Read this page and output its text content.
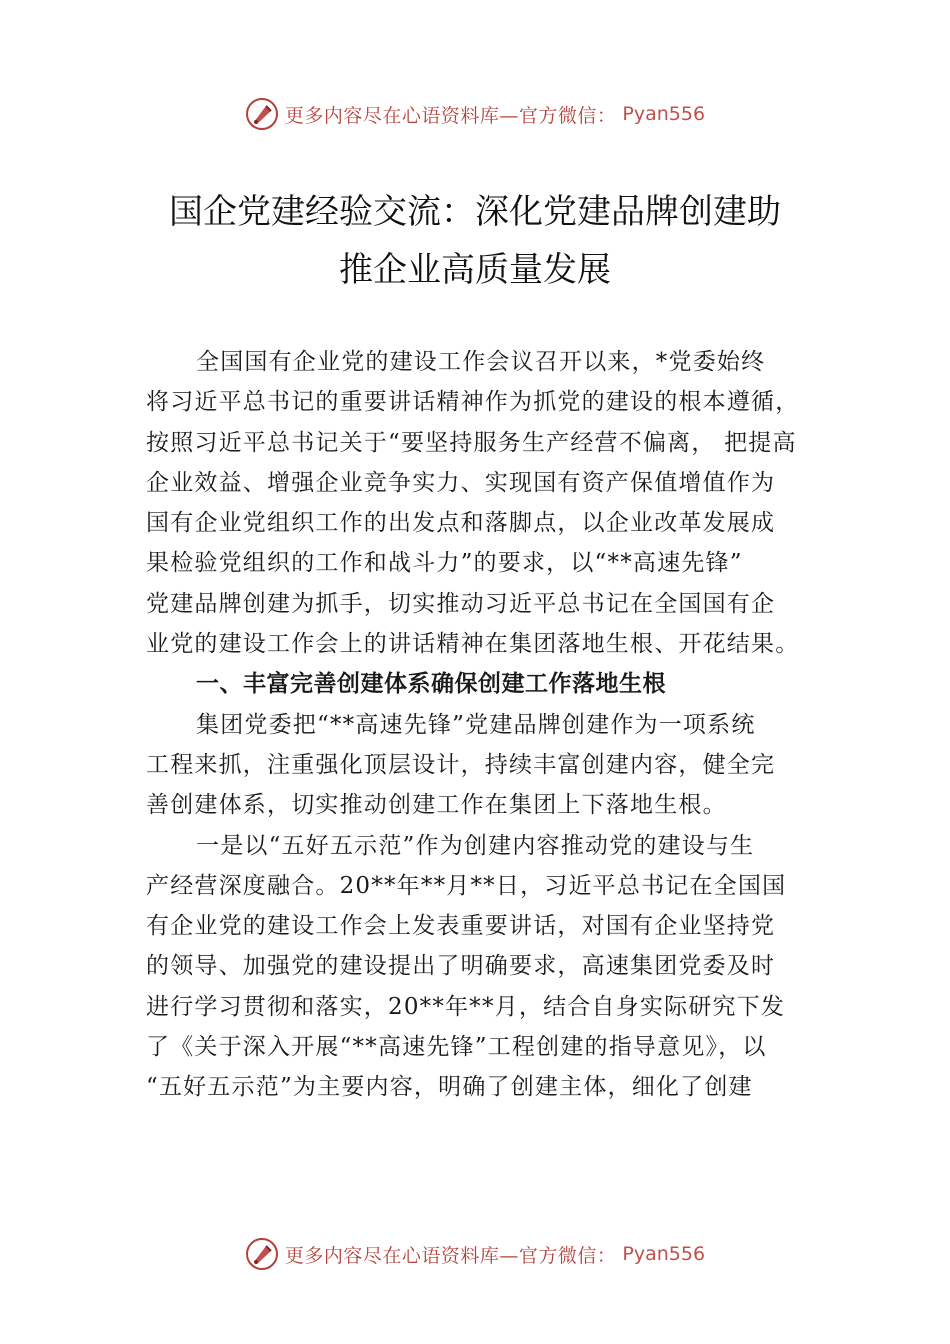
更多内容尽在心语资料库—官方微信： Pyan556
国企党建经验交流：深化党建品牌创建助
推企业高质量发展
全国国有企业党的建设工作会议召开以来，*党委始终
将习近平总书记的重要讲话精神作为抓党的建设的根本遵循，
按照习近平总书记关于“要坚持服务生产经营不偏离， 把提高
企业效益、增强企业竞争实力、实现国有资产保值增值作为
国有企业党组织工作的出发点和落脚点，以企业改革发展成
果检验党组织的工作和战斗力”的要求，以“**高速先锋”
党建品牌创建为抓手，切实推动习近平总书记在全国国有企
业党的建设工作会上的讲话精神在集团落地生根、开花结果。
一、丰富完善创建体系确保创建工作落地生根
集团党委把“**高速先锋”党建品牌创建作为一项系统
工程来抓，注重强化顶层设计，持续丰富创建内容，健全完
善创建体系，切实推动创建工作在集团上下落地生根。
一是以“五好五示范”作为创建内容推动党的建设与生
产经营深度融合。20**年**月**日，习近平总书记在全国国
有企业党的建设工作会上发表重要讲话，对国有企业坚持党
的领导、加强党的建设提出了明确要求，高速集团党委及时
进行学习贯彻和落实，20**年**月，结合自身实际研究下发
了《关于深入开展“**高速先锋”工程创建的指导意见》，以
“五好五示范”为主要内容，明确了创建主体，细化了创建
更多内容尽在心语资料库—官方微信： Pyan556
